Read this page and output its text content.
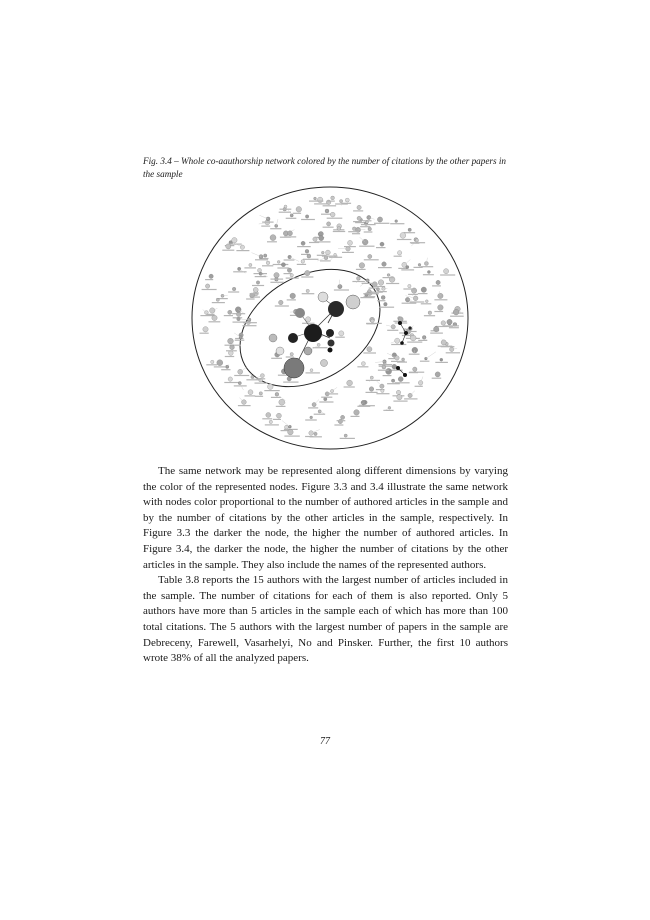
Fig. 3.4 – Whole co-aauthorship network colored by the number of citations by the other papers in the sample

The same network may be represented along different dimensions by varying the color of the represented nodes. Figure 3.3 and 3.4 illustrate the same network with nodes color proportional to the number of authored articles in the sample and by the number of citations by the other articles in the sample, respectively. In Figure 3.3 the darker the node, the higher the number of authored articles. In Figure 3.4, the darker the node, the higher the number of citations by the other articles in the sample. They also include the names of the represented authors.

Table 3.8 reports the 15 authors with the largest number of articles included in the sample. The number of citations for each of them is also reported. Only 5 authors have more than 5 articles in the sample each of which has more than 100 total citations. The 5 authors with the largest number of papers in the sample are Debreceny, Farewell, Vasarhelyi, No and Pinsker. Further, the first 10 authors wrote 38% of all the analyzed papers.

77
